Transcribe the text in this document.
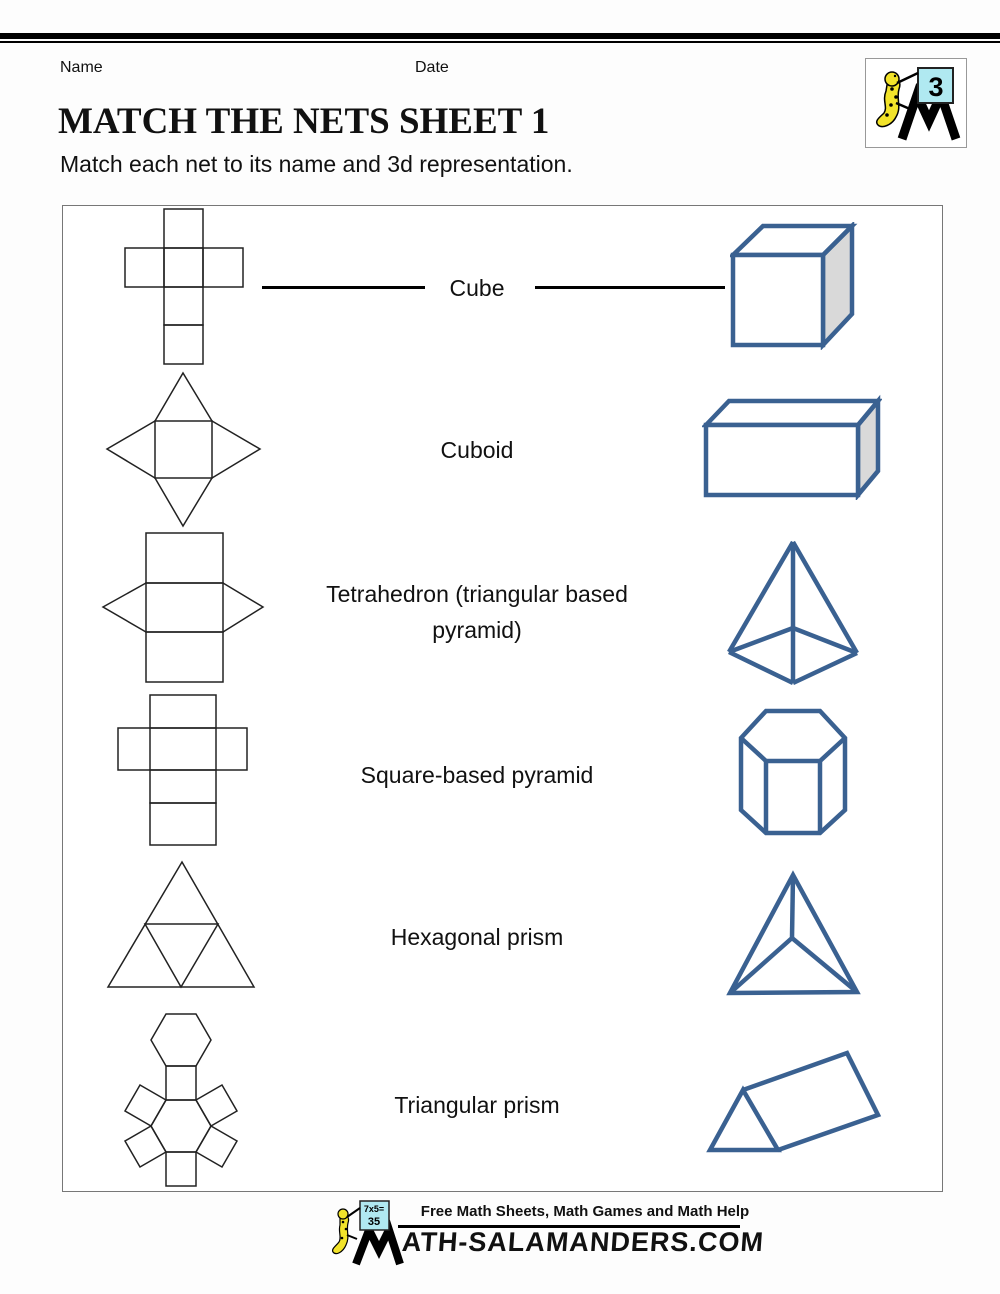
Name	Date
MATCH THE NETS SHEET 1
Match each net to its name and 3d representation.
3
Cube
Cuboid
Tetrahedron (triangular based pyramid)
Square-based pyramid
Hexagonal prism
Triangular prism
7x5=
35
Free Math Sheets, Math Games and Math Help
ATH-SALAMANDERS.COM
